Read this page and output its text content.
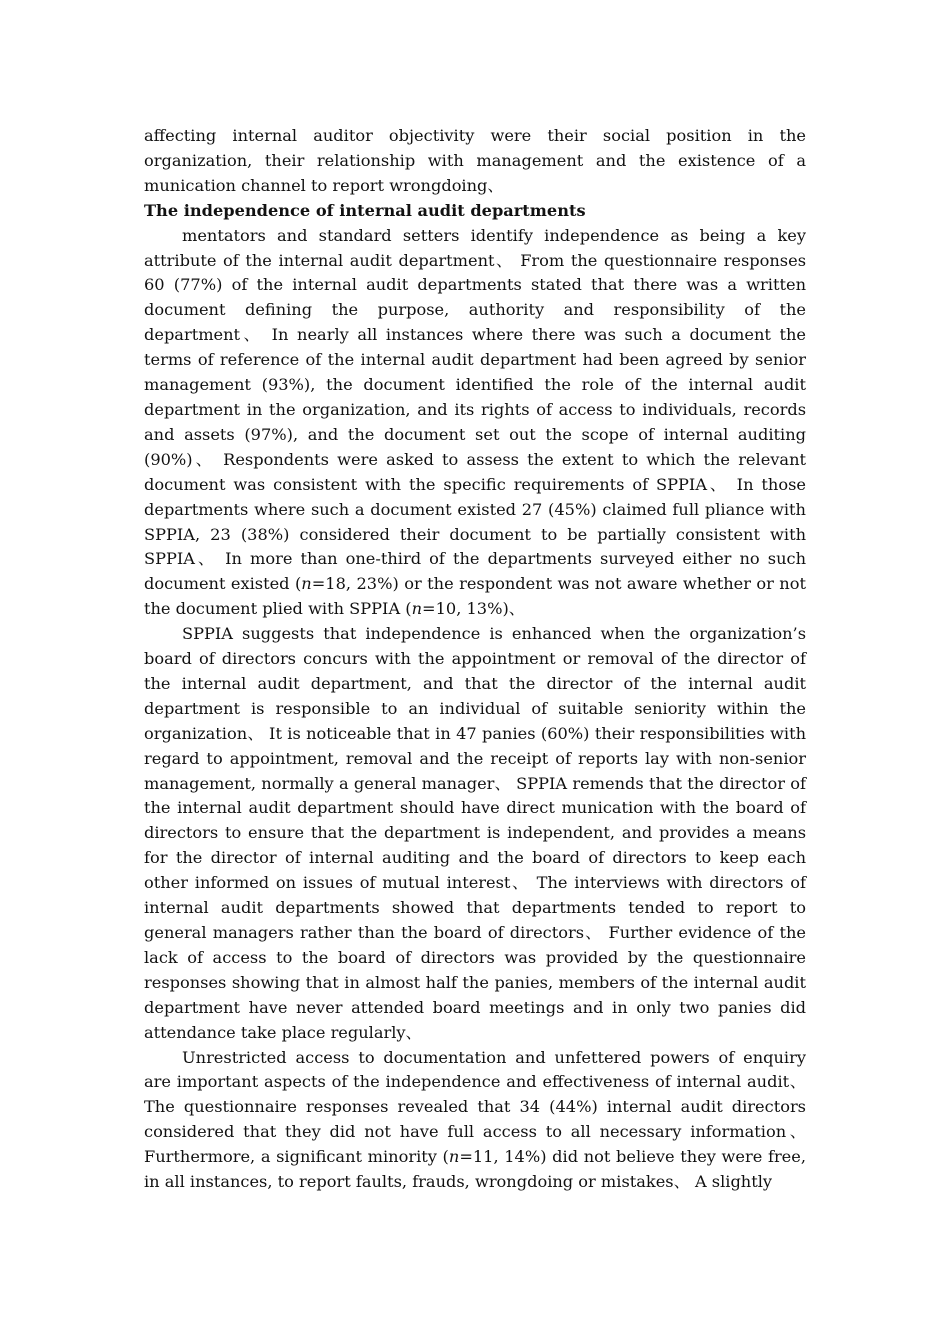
affecting internal auditor objectivity were their social position in the organization, their relationship with management and the existence of a munication channel to report wrongdoing、

The independence of internal audit departments

mentators and standard setters identify independence as being a key attribute of the internal audit department、 From the questionnaire responses 60 (77%) of the internal audit departments stated that there was a written document defining the purpose, authority and responsibility of the department、 In nearly all instances where there was such a document the terms of reference of the internal audit department had been agreed by senior management (93%), the document identified the role of the internal audit department in the organization, and its rights of access to individuals, records and assets (97%), and the document set out the scope of internal auditing (90%)、 Respondents were asked to assess the extent to which the relevant document was consistent with the specific requirements of SPPIA、 In those departments where such a document existed 27 (45%) claimed full pliance with SPPIA, 23 (38%) considered their document to be partially consistent with SPPIA、 In more than one-third of the departments surveyed either no such document existed (n=18, 23%) or the respondent was not aware whether or not the document plied with SPPIA (n=10, 13%)、

SPPIA suggests that independence is enhanced when the organization’s board of directors concurs with the appointment or removal of the director of the internal audit department, and that the director of the internal audit department is responsible to an individual of suitable seniority within the organization、 It is noticeable that in 47 panies (60%) their responsibilities with regard to appointment, removal and the receipt of reports lay with non-senior management, normally a general manager、 SPPIA remends that the director of the internal audit department should have direct munication with the board of directors to ensure that the department is independent, and provides a means for the director of internal auditing and the board of directors to keep each other informed on issues of mutual interest、 The interviews with directors of internal audit departments showed that departments tended to report to general managers rather than the board of directors、 Further evidence of the lack of access to the board of directors was provided by the questionnaire responses showing that in almost half the panies, members of the internal audit department have never attended board meetings and in only two panies did attendance take place regularly、

Unrestricted access to documentation and unfettered powers of enquiry are important aspects of the independence and effectiveness of internal audit、 The questionnaire responses revealed that 34 (44%) internal audit directors considered that they did not have full access to all necessary information、 Furthermore, a significant minority (n=11, 14%) did not believe they were free, in all instances, to report faults, frauds, wrongdoing or mistakes、 A slightly
